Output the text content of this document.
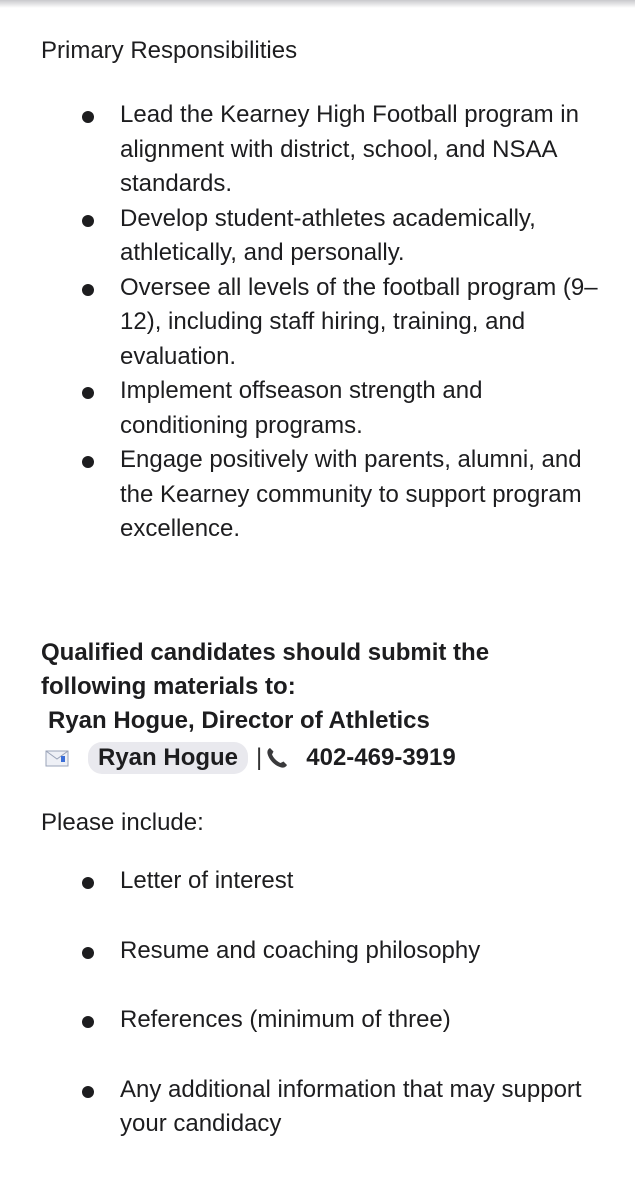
Primary Responsibilities
Lead the Kearney High Football program in alignment with district, school, and NSAA standards.
Develop student-athletes academically, athletically, and personally.
Oversee all levels of the football program (9–12), including staff hiring, training, and evaluation.
Implement offseason strength and conditioning programs.
Engage positively with parents, alumni, and the Kearney community to support program excellence.
Qualified candidates should submit the
following materials to:
Ryan Hogue, Director of Athletics
Ryan Hogue | 402-469-3919
Please include:
Letter of interest
Resume and coaching philosophy
References (minimum of three)
Any additional information that may support your candidacy
